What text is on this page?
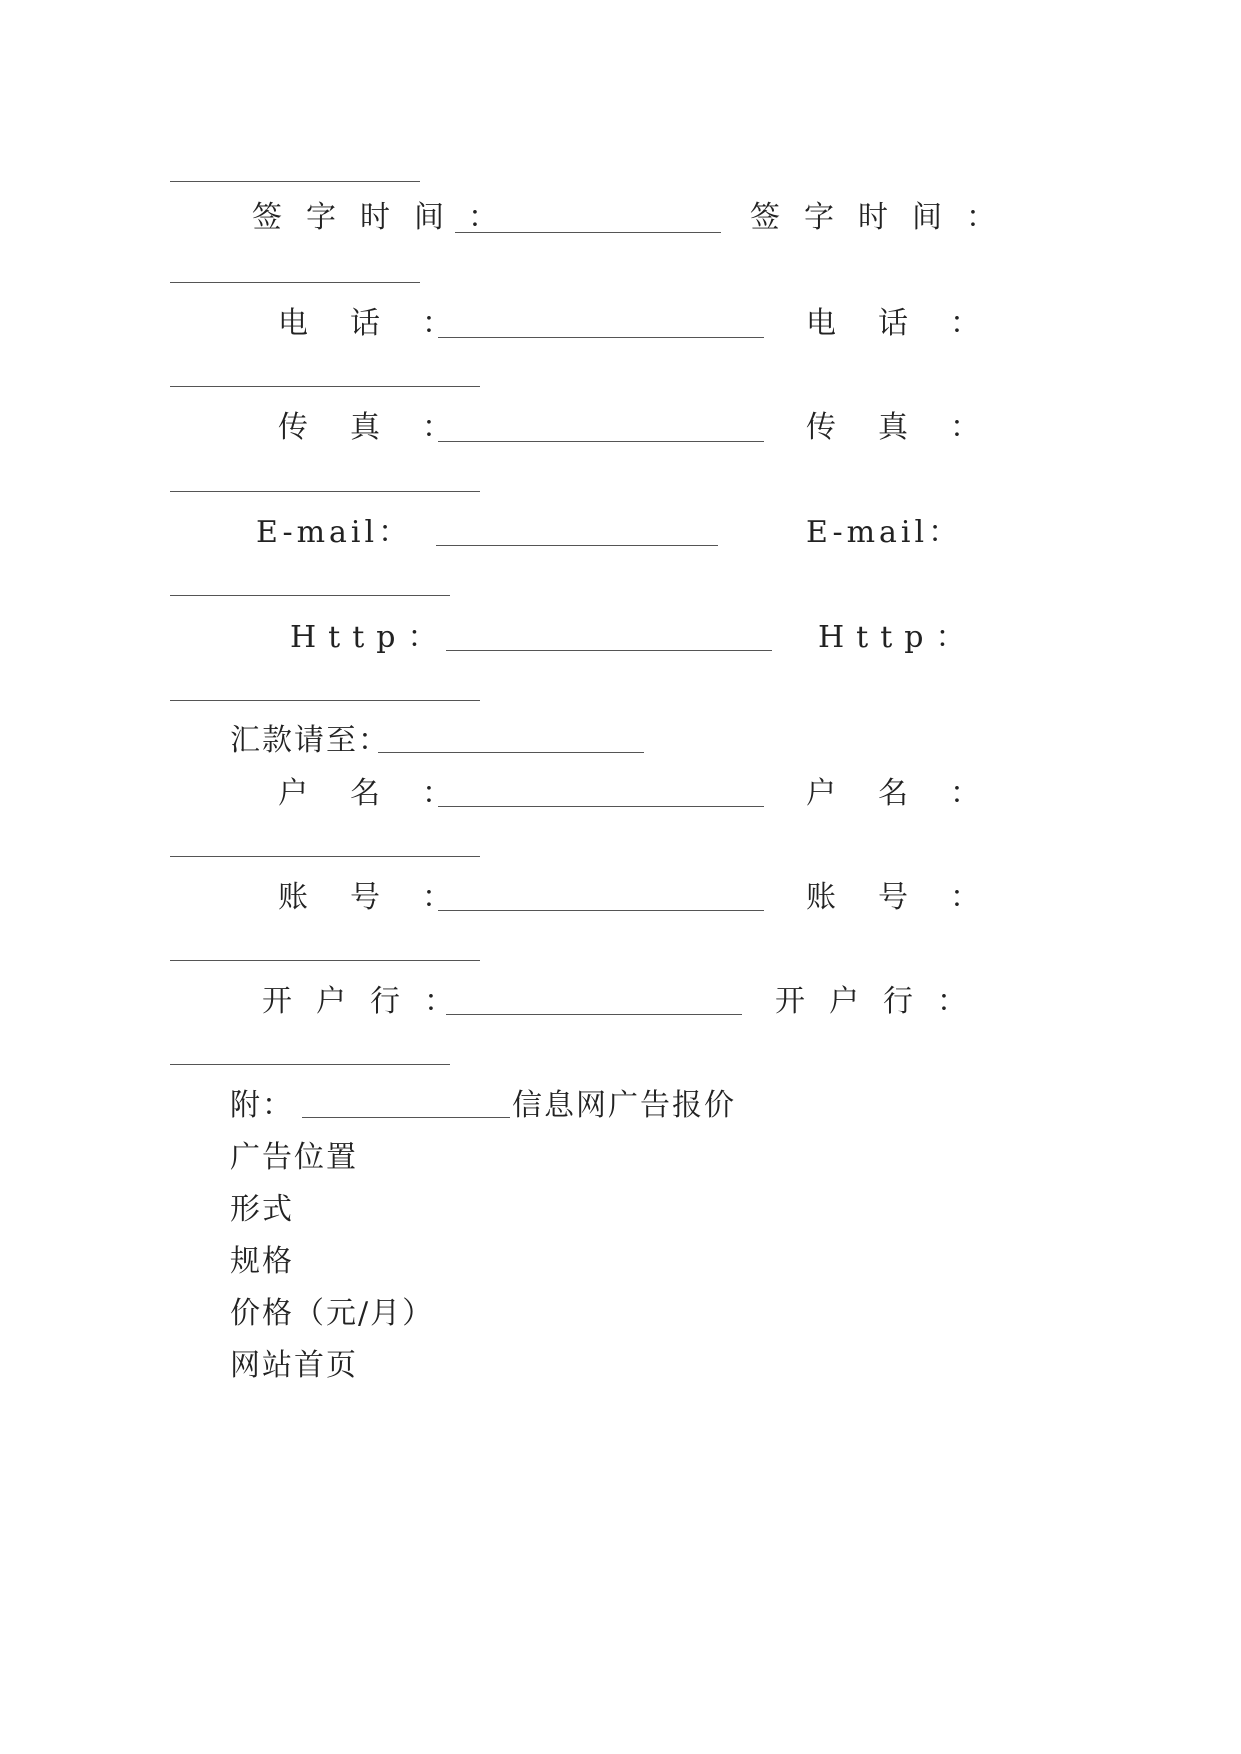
签字时间：	签字时间：
电话：	电话：
传真：	传真：
E-mail：	E-mail：
Http：	Http：
汇款请至：
户名：	户名：
账号：	账号：
开户行：	开户行：
附：	信息网广告报价
广告位置
形式
规格
价格（元/月）
网站首页
